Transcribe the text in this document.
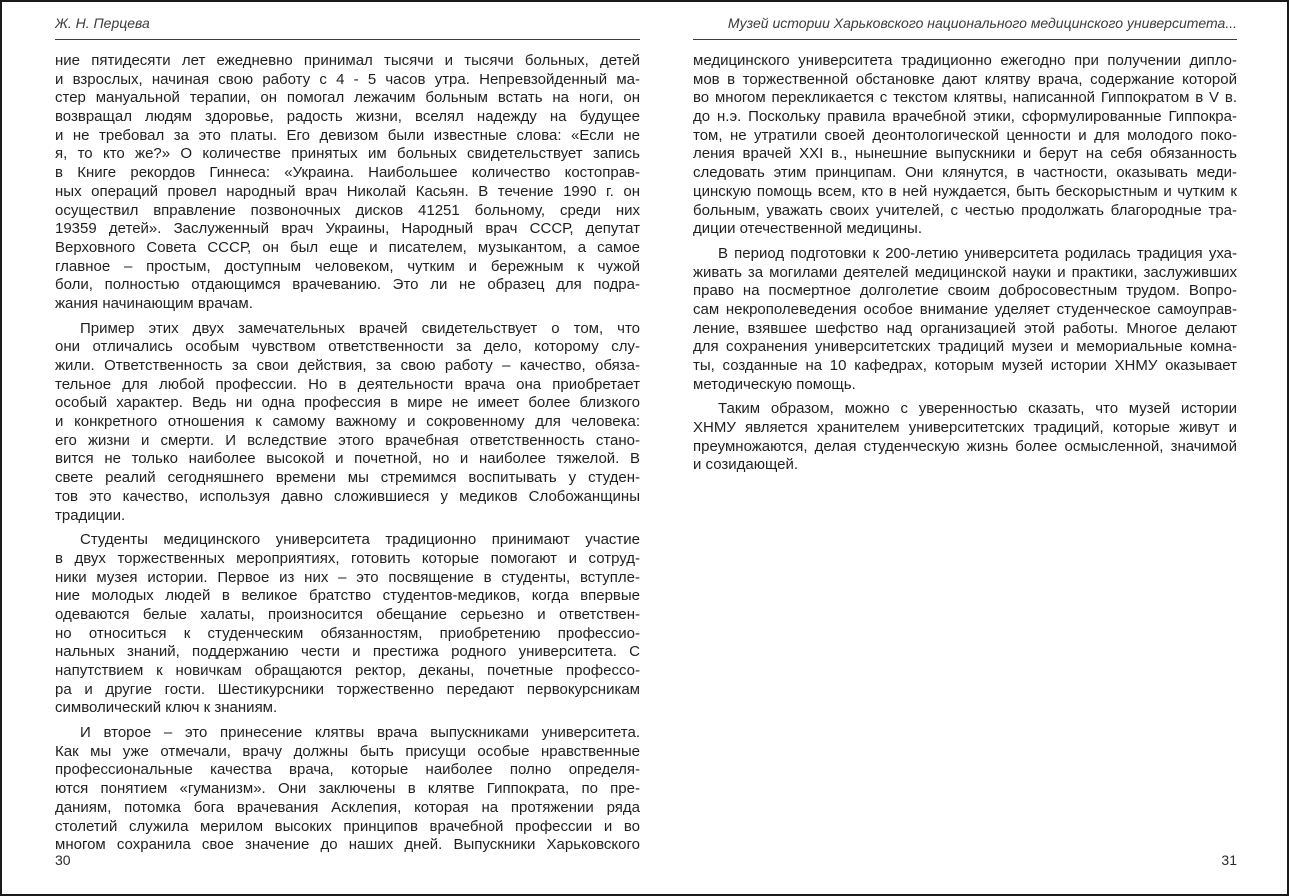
Ж. Н. Перцева
ние пятидесяти лет ежедневно принимал тысячи и тысячи больных, детей
и взрослых, начиная свою работу с 4 - 5 часов утра. Непревзойденный ма-
стер мануальной терапии, он помогал лежачим больным встать на ноги, он
возвращал людям здоровье, радость жизни, вселял надежду на будущее
и не требовал за это платы. Его девизом были известные слова: «Если не
я, то кто же?» О количестве принятых им больных свидетельствует запись
в Книге рекордов Гиннеса: «Украина. Наибольшее количество костоправ-
ных операций провел народный врач Николай Касьян. В течение 1990 г. он
осуществил вправление позвоночных дисков 41251 больному, среди них
19359 детей». Заслуженный врач Украины, Народный врач СССР, депутат
Верховного Совета СССР, он был еще и писателем, музыкантом, а самое
главное – простым, доступным человеком, чутким и бережным к чужой
боли, полностью отдающимся врачеванию. Это ли не образец для подра-
жания начинающим врачам.
Пример этих двух замечательных врачей свидетельствует о том, что
они отличались особым чувством ответственности за дело, которому слу-
жили. Ответственность за свои действия, за свою работу – качество, обяза-
тельное для любой профессии. Но в деятельности врача она приобретает
особый характер. Ведь ни одна профессия в мире не имеет более близкого
и конкретного отношения к самому важному и сокровенному для человека:
его жизни и смерти. И вследствие этого врачебная ответственность стано-
вится не только наиболее высокой и почетной, но и наиболее тяжелой. В
свете реалий сегодняшнего времени мы стремимся воспитывать у студен-
тов это качество, используя давно сложившиеся у медиков Слобожанщины
традиции.
Студенты медицинского университета традиционно принимают участие
в двух торжественных мероприятиях, готовить которые помогают и сотруд-
ники музея истории. Первое из них – это посвящение в студенты, вступле-
ние молодых людей в великое братство студентов-медиков, когда впервые
одеваются белые халаты, произносится обещание серьезно и ответствен-
но относиться к студенческим обязанностям, приобретению профессио-
нальных знаний, поддержанию чести и престижа родного университета. С
напутствием к новичкам обращаются ректор, деканы, почетные профессо-
ра и другие гости. Шестикурсники торжественно передают первокурсникам
символический ключ к знаниям.
И второе – это принесение клятвы врача выпускниками университета.
Как мы уже отмечали, врачу должны быть присущи особые нравственные
профессиональные качества врача, которые наиболее полно определя-
ются понятием «гуманизм». Они заключены в клятве Гиппократа, по пре-
даниям, потомка бога врачевания Асклепия, которая на протяжении ряда
столетий служила мерилом высоких принципов врачебной профессии и во
многом сохранила свое значение до наших дней. Выпускники Харьковского
30
Музей истории Харьковского национального медицинского университета...
медицинского университета традиционно ежегодно при получении дипло-
мов в торжественной обстановке дают клятву врача, содержание которой
во многом перекликается с текстом клятвы, написанной Гиппократом в V в.
до н.э. Поскольку правила врачебной этики, сформулированные Гиппокра-
том, не утратили своей деонтологической ценности и для молодого поко-
ления врачей XXI в., нынешние выпускники и берут на себя обязанность
следовать этим принципам. Они клянутся, в частности, оказывать меди-
цинскую помощь всем, кто в ней нуждается, быть бескорыстным и чутким к
больным, уважать своих учителей, с честью продолжать благородные тра-
диции отечественной медицины.
В период подготовки к 200-летию университета родилась традиция уха-
живать за могилами деятелей медицинской науки и практики, заслуживших
право на посмертное долголетие своим добросовестным трудом. Вопро-
сам некрополеведения особое внимание уделяет студенческое самоуправ-
ление, взявшее шефство над организацией этой работы. Многое делают
для сохранения университетских традиций музеи и мемориальные комна-
ты, созданные на 10 кафедрах, которым музей истории ХНМУ оказывает
методическую помощь.
Таким образом, можно с уверенностью сказать, что музей истории
ХНМУ является хранителем университетских традиций, которые живут и
преумножаются, делая студенческую жизнь более осмысленной, значимой
и созидающей.
31
